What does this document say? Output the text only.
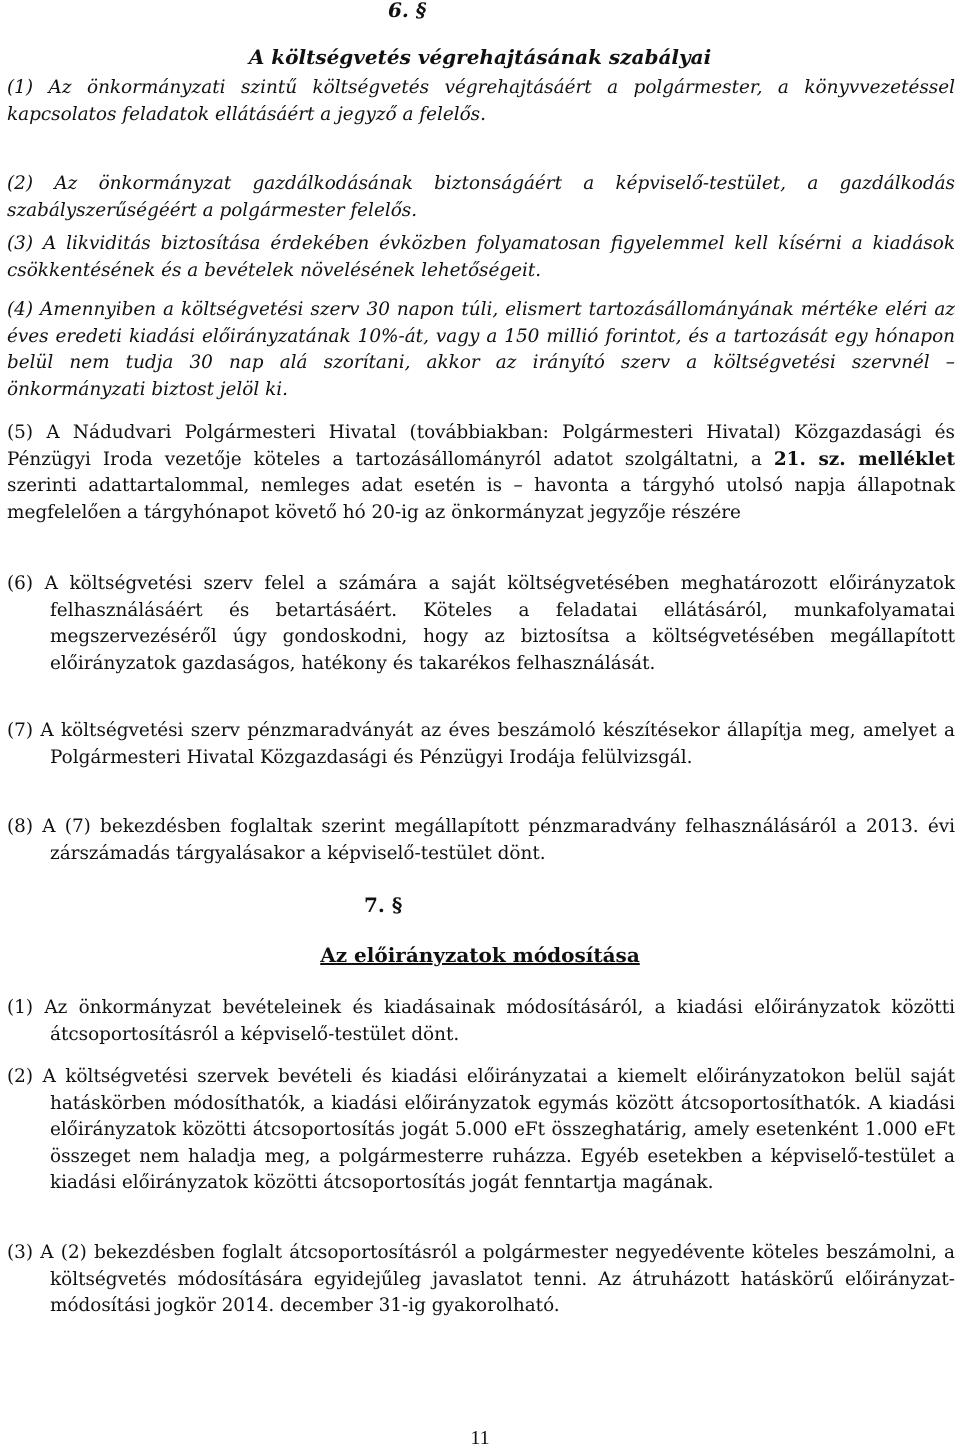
6. §
A költségvetés végrehajtásának szabályai

(1) Az önkormányzati szintű költségvetés végrehajtásáért a polgármester, a könyvvezetéssel kapcsolatos feladatok ellátásáért a jegyző a felelős.

(2) Az önkormányzat gazdálkodásának biztonságáért a képviselő-testület, a gazdálkodás szabályszerűségéért a polgármester felelős.

(3) A likviditás biztosítása érdekében évközben folyamatosan figyelemmel kell kísérni a kiadások csökkentésének és a bevételek növelésének lehetőségeit.

(4) Amennyiben a költségvetési szerv 30 napon túli, elismert tartozásállományának mértéke eléri az éves eredeti kiadási előirányzatának 10%-át, vagy a 150 millió forintot, és a tartozását egy hónapon belül nem tudja 30 nap alá szorítani, akkor az irányító szerv a költségvetési szervnél – önkormányzati biztost jelöl ki.

(5) A Nádudvari Polgármesteri Hivatal (továbbiakban: Polgármesteri Hivatal) Közgazdasági és Pénzügyi Iroda vezetője köteles a tartozásállományról adatot szolgáltatni, a 21. sz. melléklet szerinti adattartalommal, nemleges adat esetén is – havonta a tárgyhó utolsó napja állapotnak megfelelően a tárgyhónapot követő hó 20-ig az önkormányzat jegyzője részére

(6) A költségvetési szerv felel a számára a saját költségvetésében meghatározott előirányzatok felhasználásáért és betartásáért. Köteles a feladatai ellátásáról, munkafolyamatai megszervezéséről úgy gondoskodni, hogy az biztosítsa a költségvetésében megállapított előirányzatok gazdaságos, hatékony és takarékos felhasználását.

(7) A költségvetési szerv pénzmaradványát az éves beszámoló készítésekor állapítja meg, amelyet a Polgármesteri Hivatal Közgazdasági és Pénzügyi Irodája felülvizsgál.

(8) A (7) bekezdésben foglaltak szerint megállapított pénzmaradvány felhasználásáról a 2013. évi zárszámadás tárgyalásakor a képviselő-testület dönt.

7. §
Az előirányzatok módosítása

(1) Az önkormányzat bevételeinek és kiadásainak módosításáról, a kiadási előirányzatok közötti átcsoportosításról a képviselő-testület dönt.

(2) A költségvetési szervek bevételi és kiadási előirányzatai a kiemelt előirányzatokon belül saját hatáskörben módosíthatók, a kiadási előirányzatok egymás között átcsoportosíthatók. A kiadási előirányzatok közötti átcsoportosítás jogát 5.000 eFt összeghatárig, amely esetenként 1.000 eFt összeget nem haladja meg, a polgármesterre ruházza. Egyéb esetekben a képviselő-testület a kiadási előirányzatok közötti átcsoportosítás jogát fenntartja magának.

(3) A (2) bekezdésben foglalt átcsoportosításról a polgármester negyedévente köteles beszámolni, a költségvetés módosítására egyidejűleg javaslatot tenni. Az átruházott hatáskörű előirányzat-módosítási jogkör 2014. december 31-ig gyakorolható.

11
